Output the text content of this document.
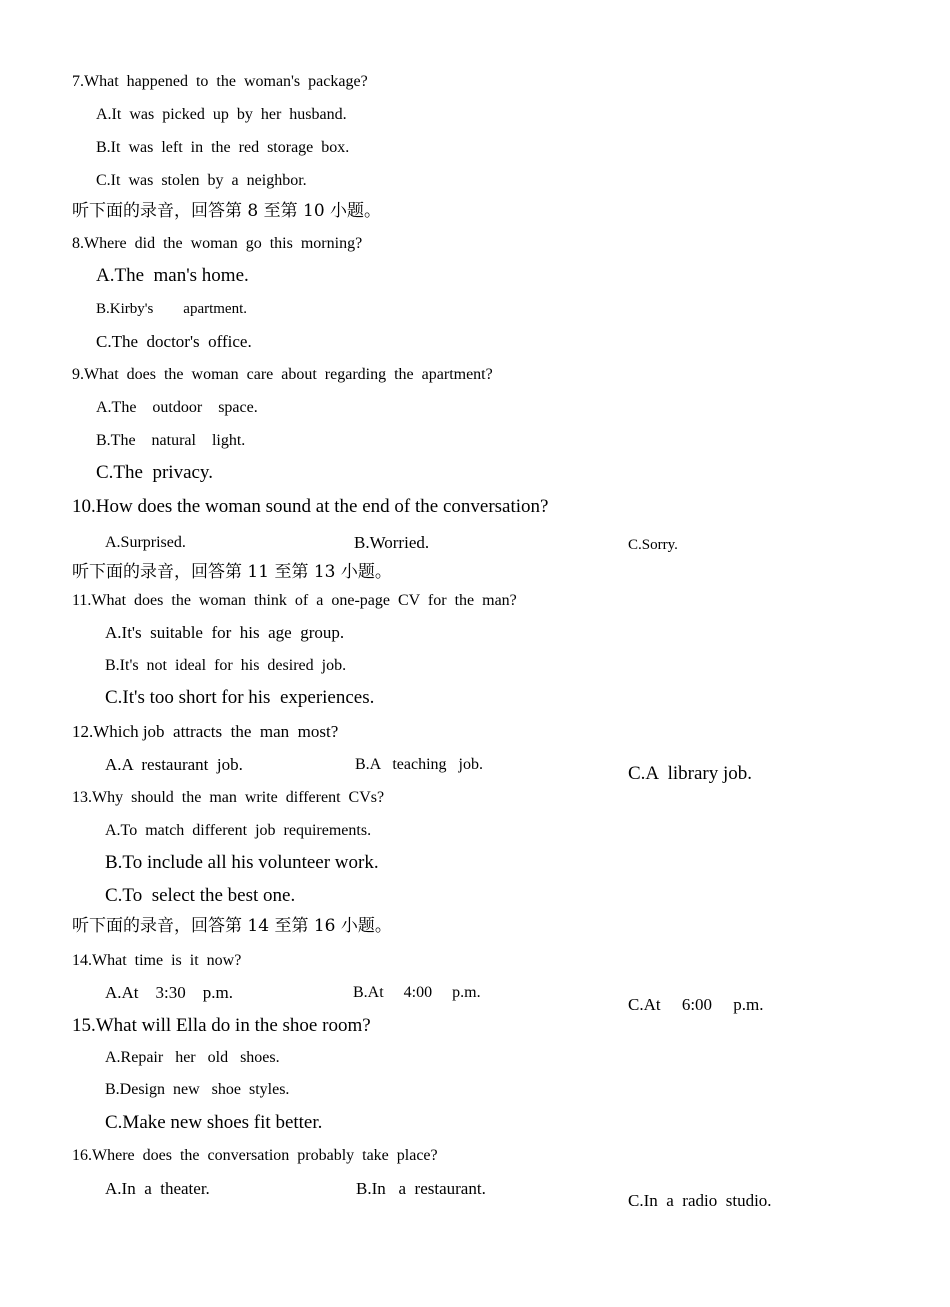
7.What  happened  to  the  woman's  package?
A.It  was  picked  up  by  her  husband.
B.It  was  left  in  the  red  storage  box.
C.It  was  stolen  by  a  neighbor.
听下面的录音，回答第 8 至第 10 小题。
8.Where  did  the  woman  go  this  morning?
A.The  man's home.
B.Kirby's        apartment.
C.The  doctor's  office.
9.What  does  the  woman  care  about  regarding  the  apartment?
A.The    outdoor    space.
B.The    natural    light.
C.The  privacy.
10.How does the woman sound at the end of the conversation?
A.Surprised.	B.Worried.	C.Sorry.
听下面的录音，回答第 11 至第 13 小题。
11.What  does  the  woman  think  of  a  one-page  CV  for  the  man?
A.It's  suitable  for  his  age  group.
B.It's  not  ideal  for  his  desired  job.
C.It's too short for his  experiences.
12.Which job  attracts  the  man  most?
A.A  restaurant  job.	B.A   teaching   job.	C.A  library job.
13.Why  should  the  man  write  different  CVs?
A.To  match  different  job  requirements.
B.To include all his volunteer work.
C.To  select the best one.
听下面的录音，回答第 14 至第 16 小题。
14.What  time  is  it  now?
A.At    3:30    p.m.	B.At     4:00     p.m.
C.At     6:00     p.m.
15.What will Ella do in the shoe room?
A.Repair   her   old   shoes.
B.Design  new   shoe  styles.
C.Make new shoes fit better.
16.Where  does  the  conversation  probably  take  place?
A.In  a  theater.	B.In   a  restaurant.
C.In  a  radio  studio.
